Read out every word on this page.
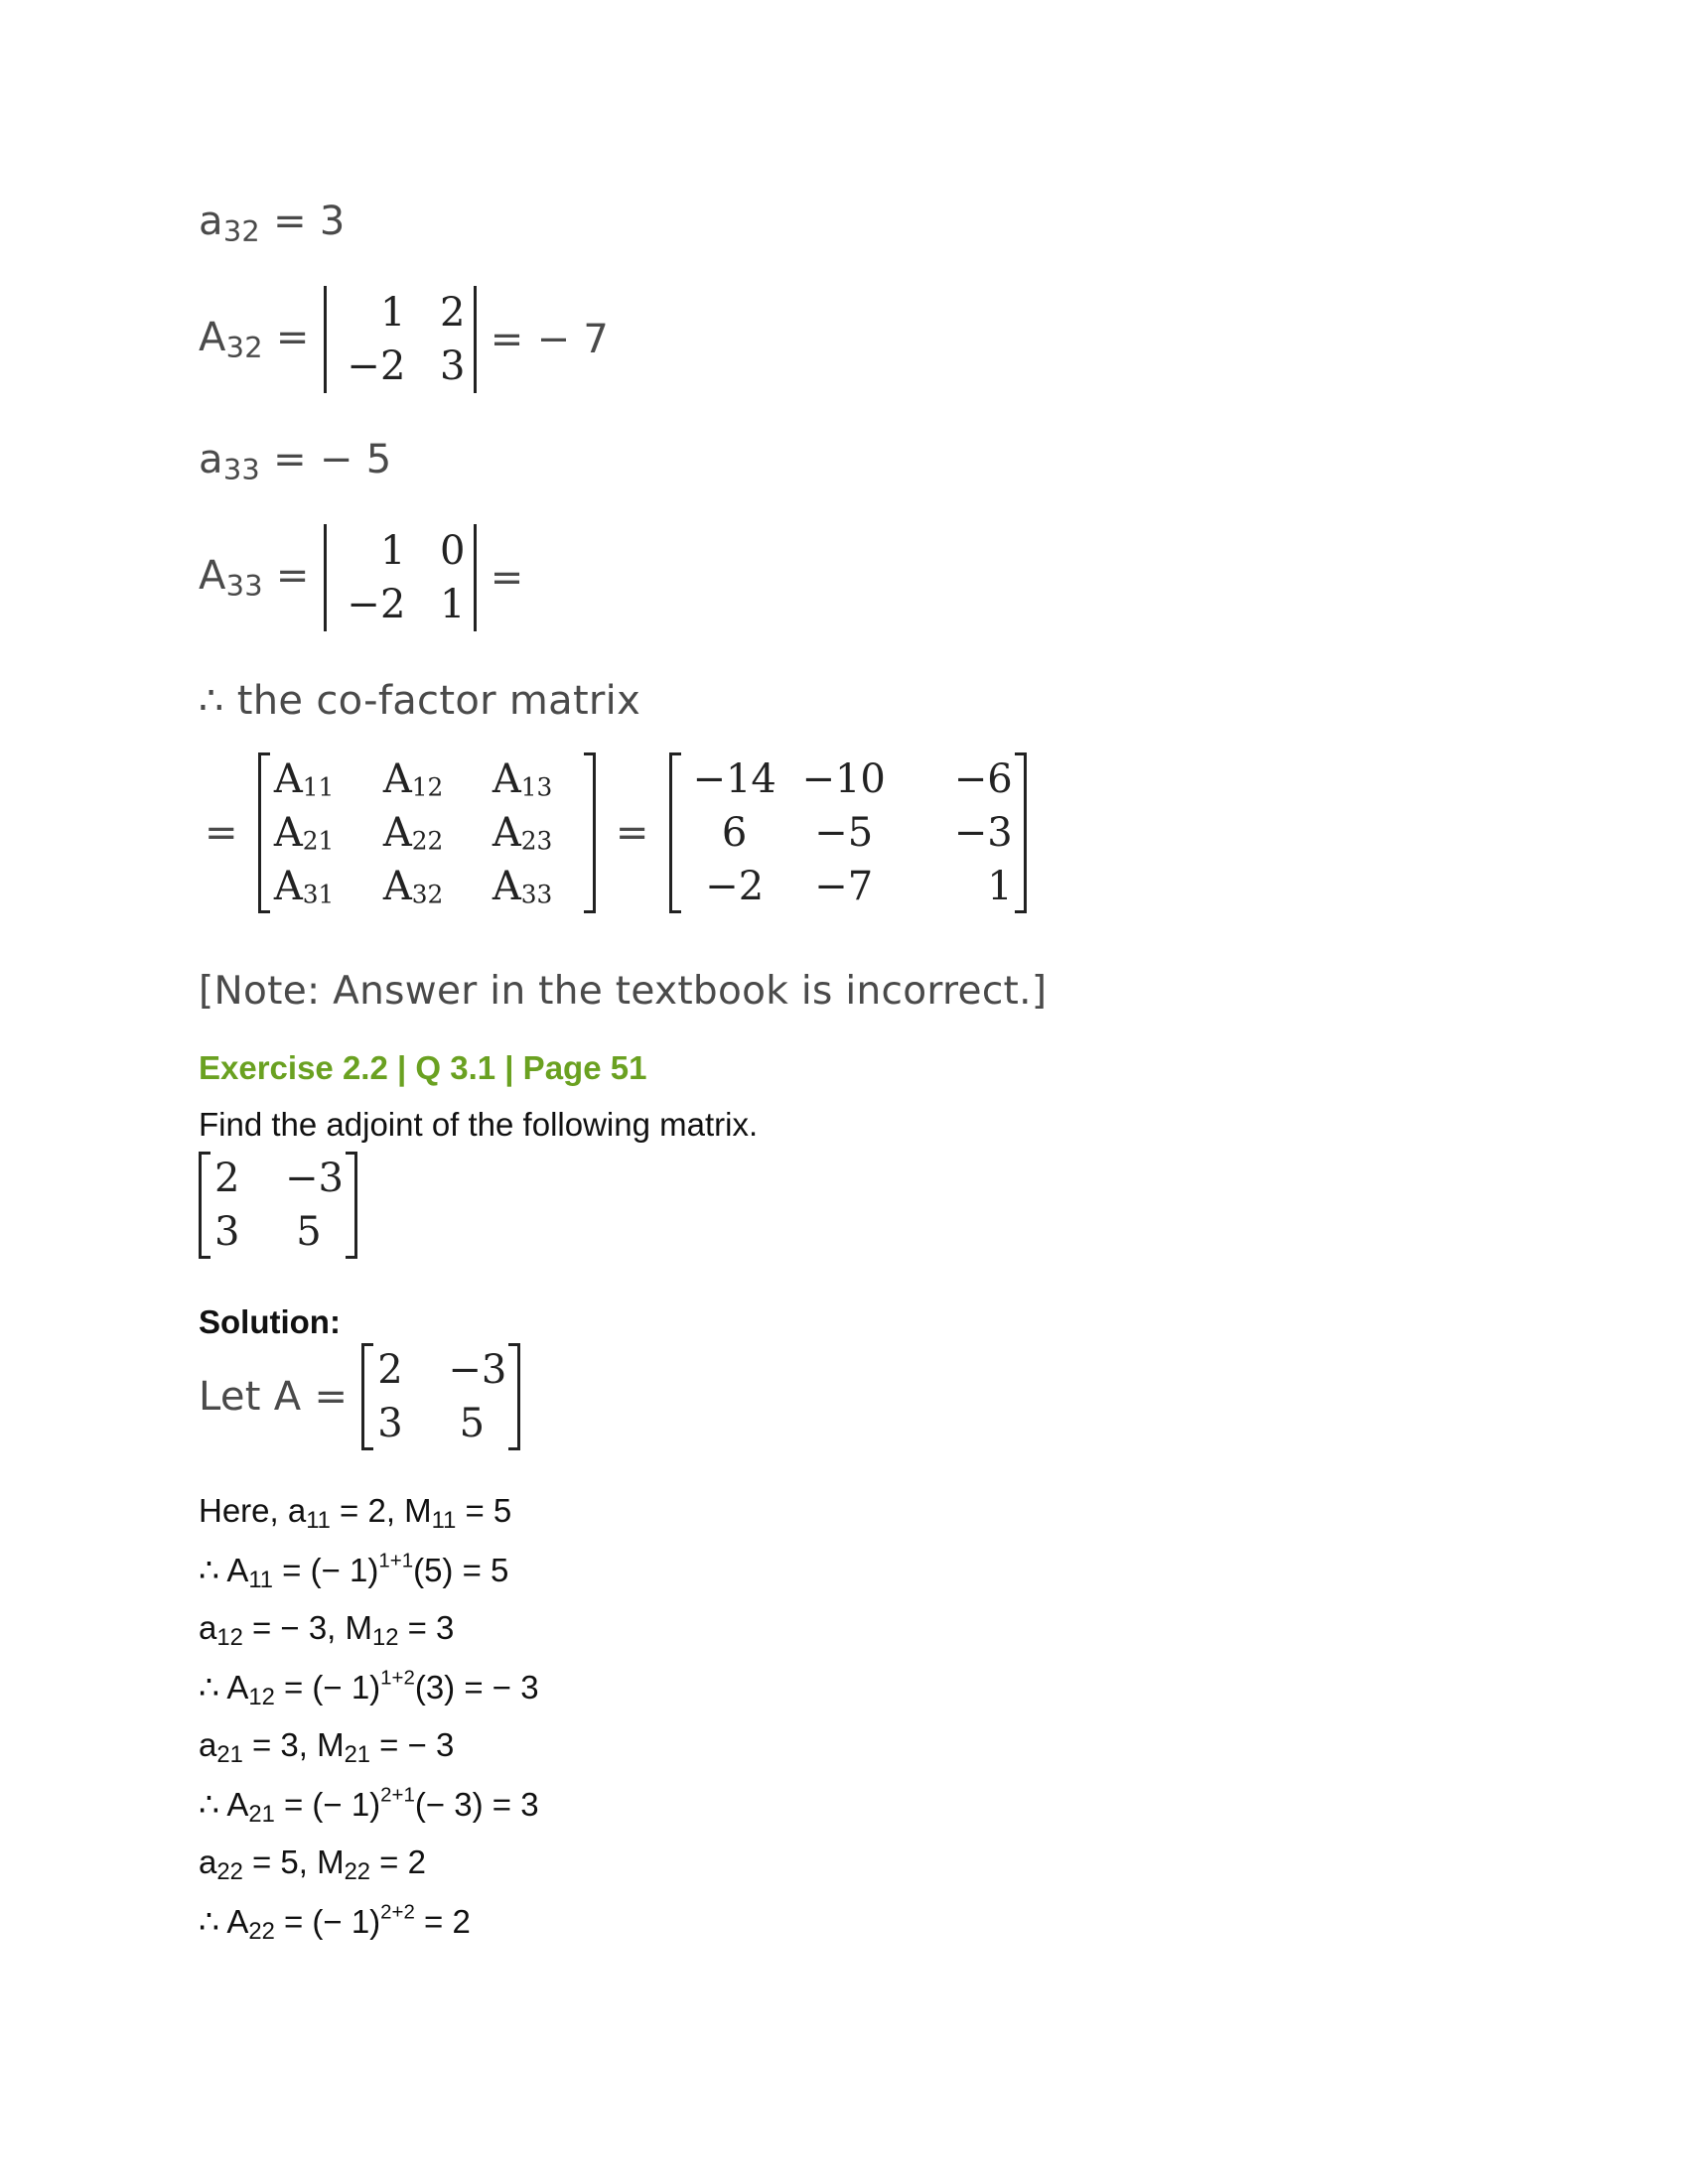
$a_{32} = 3$
$A_{32}$ =
1 2
−2 3
= − 7
$a_{33}$ = − 5
$A_{33}$ =
1 0
−2 1
=
∴ the co-factor matrix
=
$A_{11}$	$A_{12}$	$A_{13}$
$A_{21}$	$A_{22}$	$A_{23}$
$A_{31}$	$A_{32}$	$A_{33}$
=
−14 −10	−6
6	−5	−3
−2	−7	1
[Note: Answer in the textbook is incorrect.]
Exercise 2.2 | Q 3.1 | Page 51
Find the adjoint of the following matrix.
2	−3
3	5
Solution:
Let A =
2	−3
3	5
Here, $a_{11} = 2$, $M_{11} = 5$
∴ $A_{11}$ = (− 1)$^{1+1}$(5) = 5
$a_{12}$ = − 3, $M_{12} = 3$
∴ $A_{12}$ = (− 1)$^{1+2}$(3) = − 3
$a_{21} = 3$, $M_{21}$ = − 3
∴ $A_{21}$ = (− 1)$^{2+1}$(− 3) = 3
$a_{22} = 5$, $M_{22} = 2$
∴ $A_{22}$ = (− 1)$^{2+2}$ = 2
